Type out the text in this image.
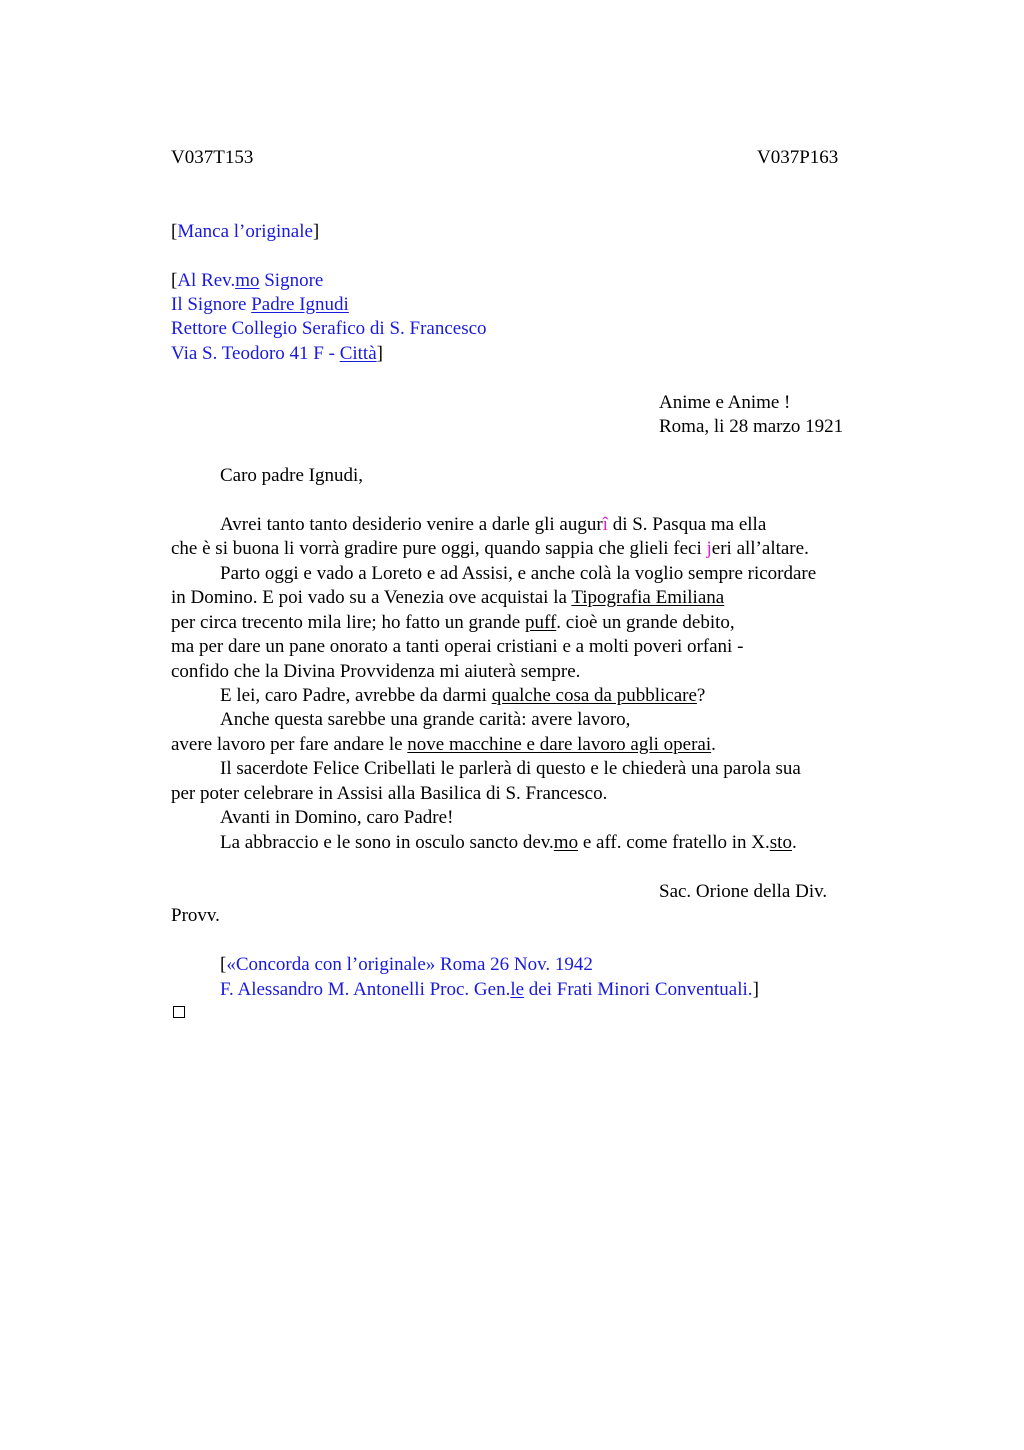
V037T153	V037P163
[Manca l’originale]
[Al Rev.mo Signore
Il Signore Padre Ignudi
Rettore Collegio Serafico di S. Francesco
Via S. Teodoro 41 F - Città]
Anime e Anime !
Roma, li 28 marzo 1921
Caro padre Ignudi,
Avrei tanto tanto desiderio venire a darle gli augurî di S. Pasqua ma ella
che è si buona li vorrà gradire pure oggi, quando sappia che glieli feci jeri all’altare.
Parto oggi e vado a Loreto e ad Assisi, e anche colà la voglio sempre ricordare
in Domino. E poi vado su a Venezia ove acquistai la Tipografia Emiliana
per circa trecento mila lire; ho fatto un grande puff. cioè un grande debito,
ma per dare un pane onorato a tanti operai cristiani e a molti poveri orfani -
confido che la Divina Provvidenza mi aiuterà sempre.
E lei, caro Padre, avrebbe da darmi qualche cosa da pubblicare?
Anche questa sarebbe una grande carità: avere lavoro,
avere lavoro per fare andare le nove macchine e dare lavoro agli operai.
Il sacerdote Felice Cribellati le parlerà di questo e le chiederà una parola sua
per poter celebrare in Assisi alla Basilica di S. Francesco.
Avanti in Domino, caro Padre!
La abbraccio e le sono in osculo sancto dev.mo e aff. come fratello in X.sto.
Sac. Orione della Div.
Provv.
[«Concorda con l’originale» Roma 26 Nov. 1942
F. Alessandro M. Antonelli Proc. Gen.le dei Frati Minori Conventuali.]
